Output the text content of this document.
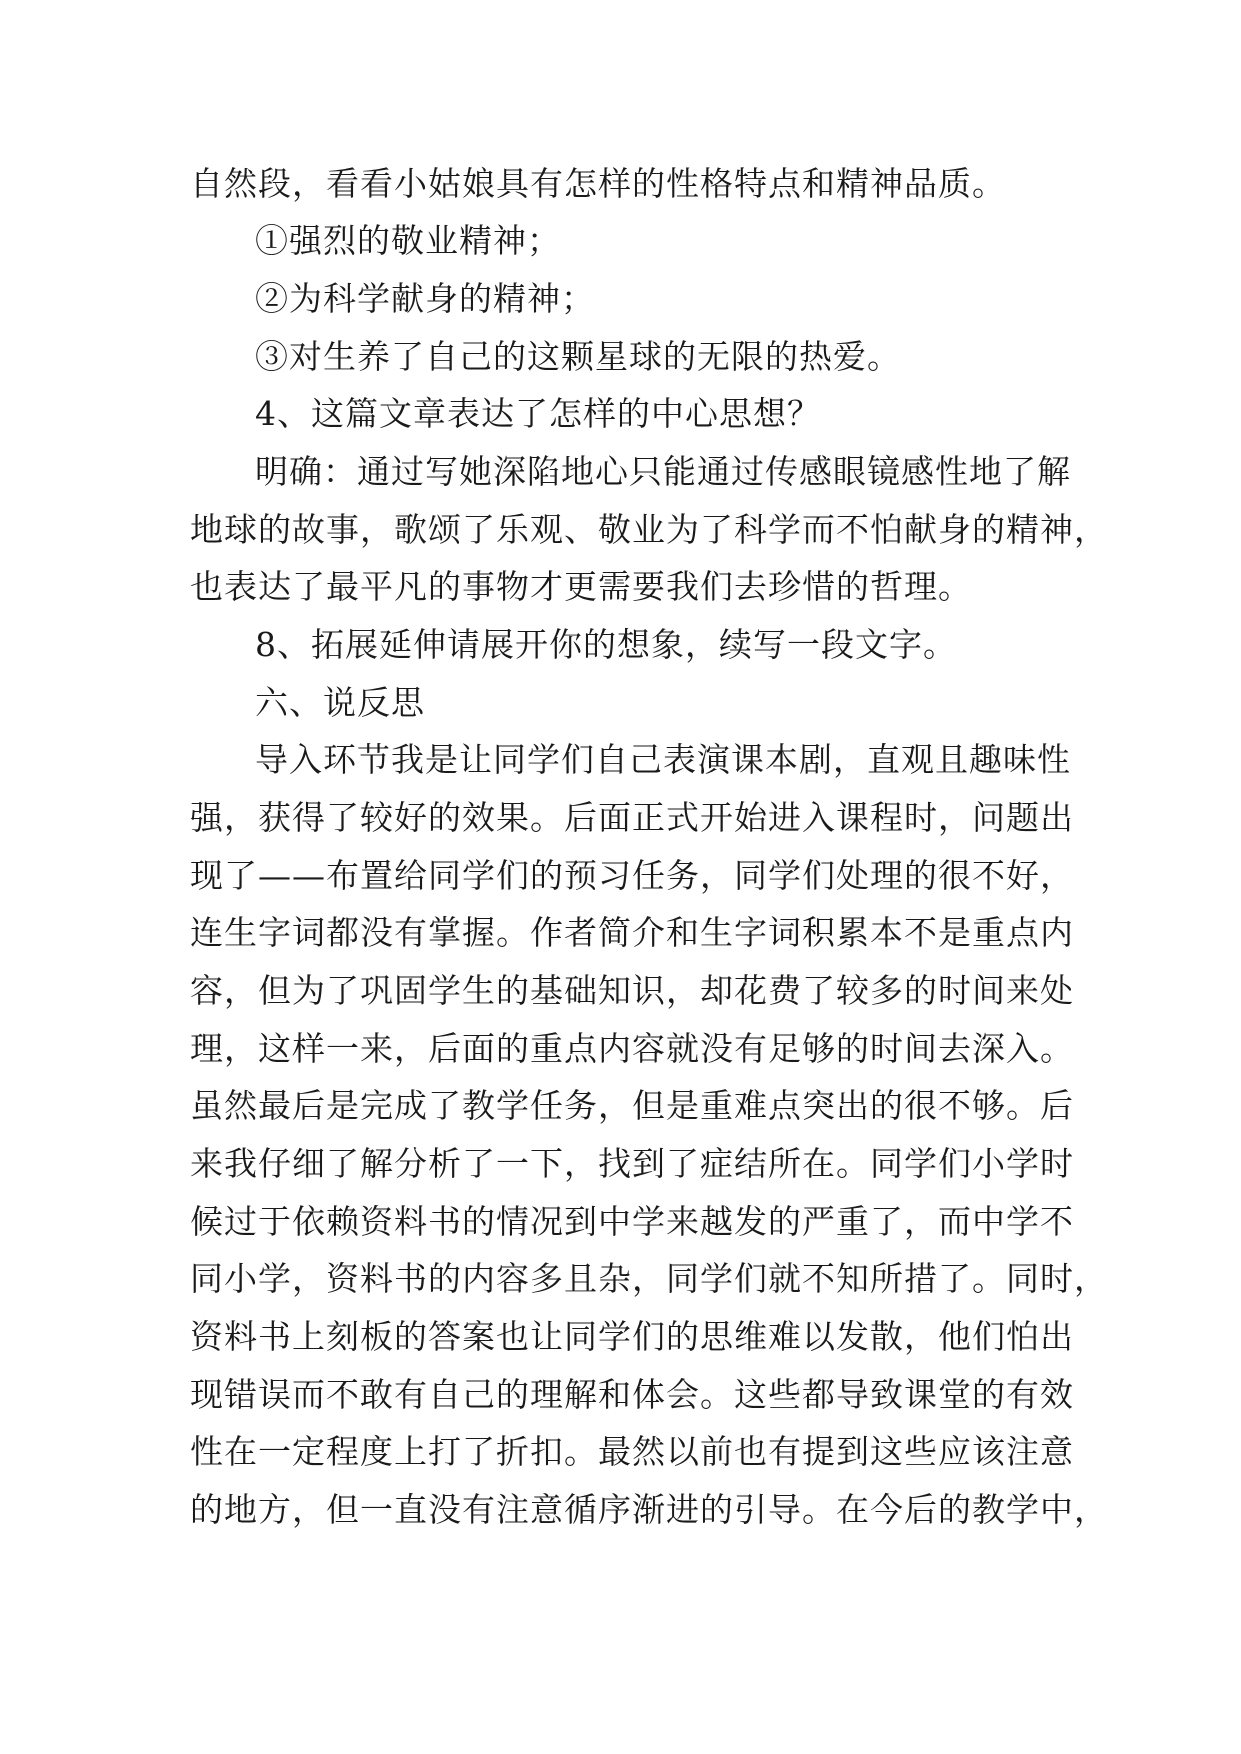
自然段，看看小姑娘具有怎样的性格特点和精神品质。
①强烈的敬业精神；
②为科学献身的精神；
③对生养了自己的这颗星球的无限的热爱。
4、这篇文章表达了怎样的中心思想？
明确：通过写她深陷地心只能通过传感眼镜感性地了解
地球的故事，歌颂了乐观、敬业为了科学而不怕献身的精神，
也表达了最平凡的事物才更需要我们去珍惜的哲理。
8、拓展延伸请展开你的想象，续写一段文字。
六、说反思
导入环节我是让同学们自己表演课本剧，直观且趣味性
强，获得了较好的效果。后面正式开始进入课程时，问题出
现了——布置给同学们的预习任务，同学们处理的很不好，
连生字词都没有掌握。作者简介和生字词积累本不是重点内
容，但为了巩固学生的基础知识，却花费了较多的时间来处
理，这样一来，后面的重点内容就没有足够的时间去深入。
虽然最后是完成了教学任务，但是重难点突出的很不够。后
来我仔细了解分析了一下，找到了症结所在。同学们小学时
候过于依赖资料书的情况到中学来越发的严重了，而中学不
同小学，资料书的内容多且杂，同学们就不知所措了。同时，
资料书上刻板的答案也让同学们的思维难以发散，他们怕出
现错误而不敢有自己的理解和体会。这些都导致课堂的有效
性在一定程度上打了折扣。最然以前也有提到这些应该注意
的地方，但一直没有注意循序渐进的引导。在今后的教学中，
